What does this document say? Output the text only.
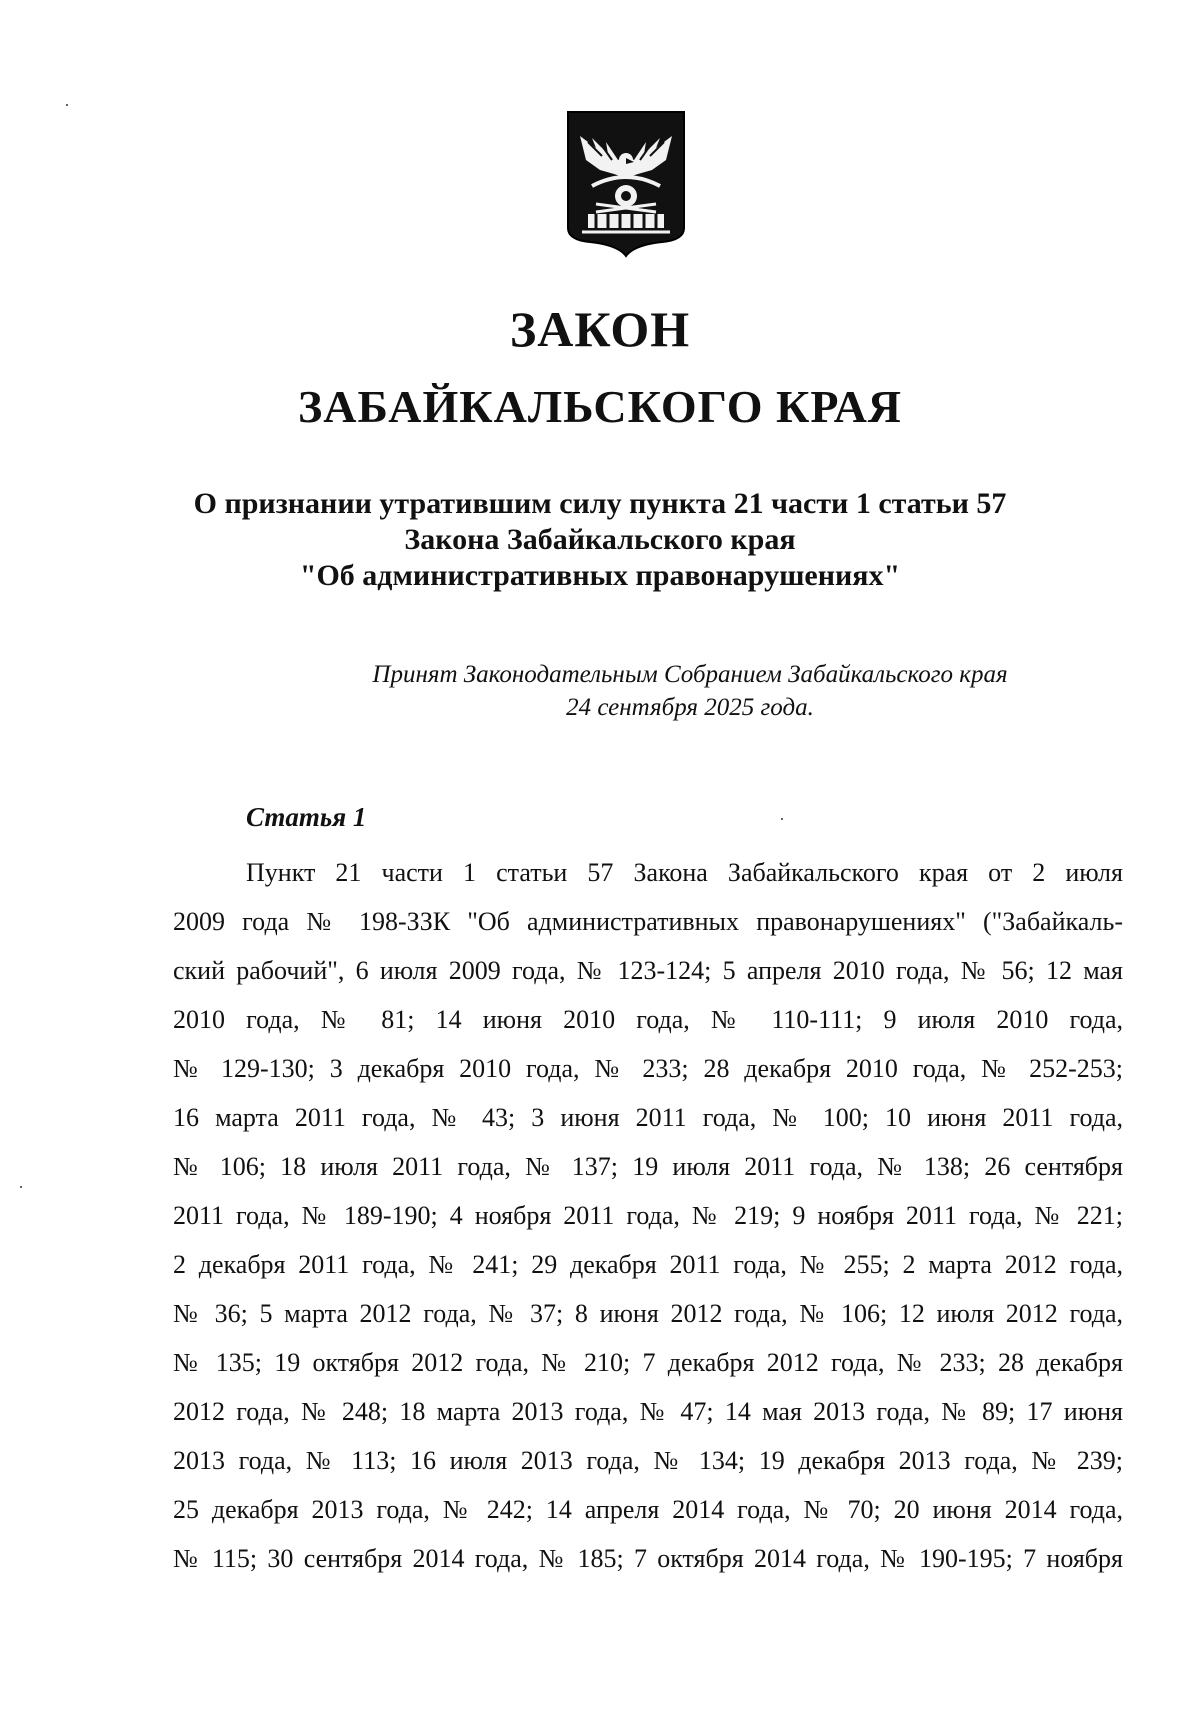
ЗАКОН
ЗАБАЙКАЛЬСКОГО КРАЯ
О признании утратившим силу пункта 21 части 1 статьи 57
Закона Забайкальского края
"Об административных правонарушениях"
Принят Законодательным Собранием Забайкальского края
24 сентября 2025 года.
Статья 1
Пункт 21 части 1 статьи 57 Закона Забайкальского края от 2 июля
2009 года № 198-ЗЗК "Об административных правонарушениях" ("Забайкаль-
ский рабочий", 6 июля 2009 года, № 123-124; 5 апреля 2010 года, № 56; 12 мая
2010 года, № 81; 14 июня 2010 года, № 110-111; 9 июля 2010 года,
№ 129-130; 3 декабря 2010 года, № 233; 28 декабря 2010 года, № 252-253;
16 марта 2011 года, № 43; 3 июня 2011 года, № 100; 10 июня 2011 года,
№ 106; 18 июля 2011 года, № 137; 19 июля 2011 года, № 138; 26 сентября
2011 года, № 189-190; 4 ноября 2011 года, № 219; 9 ноября 2011 года, № 221;
2 декабря 2011 года, № 241; 29 декабря 2011 года, № 255; 2 марта 2012 года,
№ 36; 5 марта 2012 года, № 37; 8 июня 2012 года, № 106; 12 июля 2012 года,
№ 135; 19 октября 2012 года, № 210; 7 декабря 2012 года, № 233; 28 декабря
2012 года, № 248; 18 марта 2013 года, № 47; 14 мая 2013 года, № 89; 17 июня
2013 года, № 113; 16 июля 2013 года, № 134; 19 декабря 2013 года, № 239;
25 декабря 2013 года, № 242; 14 апреля 2014 года, № 70; 20 июня 2014 года,
№ 115; 30 сентября 2014 года, № 185; 7 октября 2014 года, № 190-195; 7 ноября
